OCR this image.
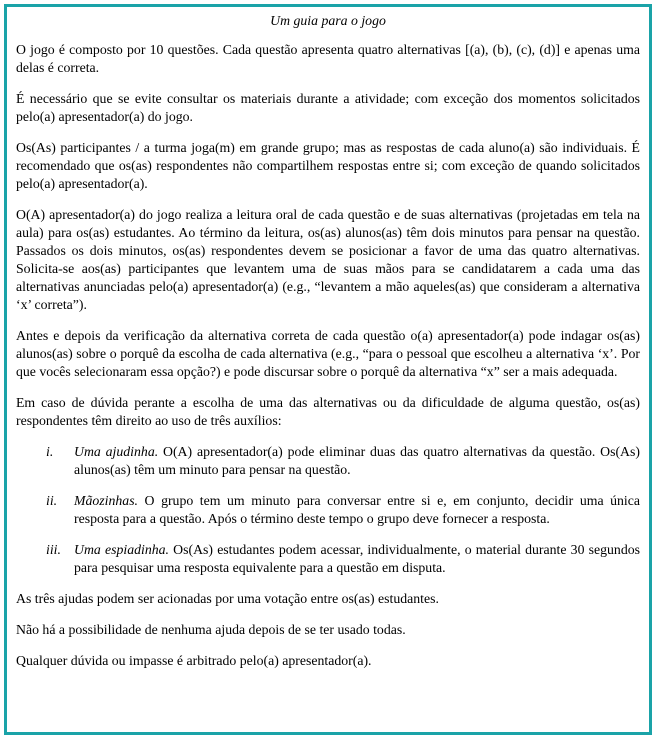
Um guia para o jogo

O jogo é composto por 10 questões. Cada questão apresenta quatro alternativas [(a), (b), (c), (d)] e apenas uma delas é correta.

É necessário que se evite consultar os materiais durante a atividade; com exceção dos momentos solicitados pelo(a) apresentador(a) do jogo.

Os(As) participantes / a turma joga(m) em grande grupo; mas as respostas de cada aluno(a) são individuais. É recomendado que os(as) respondentes não compartilhem respostas entre si; com exceção de quando solicitados pelo(a) apresentador(a).

O(A) apresentador(a) do jogo realiza a leitura oral de cada questão e de suas alternativas (projetadas em tela na aula) para os(as) estudantes. Ao término da leitura, os(as) alunos(as) têm dois minutos para pensar na questão. Passados os dois minutos, os(as) respondentes devem se posicionar a favor de uma das quatro alternativas. Solicita-se aos(as) participantes que levantem uma de suas mãos para se candidatarem a cada uma das alternativas anunciadas pelo(a) apresentador(a) (e.g., “levantem a mão aqueles(as) que consideram a alternativa ‘x’ correta”).

Antes e depois da verificação da alternativa correta de cada questão o(a) apresentador(a) pode indagar os(as) alunos(as) sobre o porquê da escolha de cada alternativa (e.g., “para o pessoal que escolheu a alternativa ‘x’. Por que vocês selecionaram essa opção?) e pode discursar sobre o porquê da alternativa “x” ser a mais adequada.

Em caso de dúvida perante a escolha de uma das alternativas ou da dificuldade de alguma questão, os(as) respondentes têm direito ao uso de três auxílios:

i.	Uma ajudinha. O(A) apresentador(a) pode eliminar duas das quatro alternativas da questão. Os(As) alunos(as) têm um minuto para pensar na questão.
ii.	Mãozinhas. O grupo tem um minuto para conversar entre si e, em conjunto, decidir uma única resposta para a questão. Após o término deste tempo o grupo deve fornecer a resposta.
iii. Uma espiadinha. Os(As) estudantes podem acessar, individualmente, o material durante 30 segundos para pesquisar uma resposta equivalente para a questão em disputa.

As três ajudas podem ser acionadas por uma votação entre os(as) estudantes.

Não há a possibilidade de nenhuma ajuda depois de se ter usado todas.

Qualquer dúvida ou impasse é arbitrado pelo(a) apresentador(a).
